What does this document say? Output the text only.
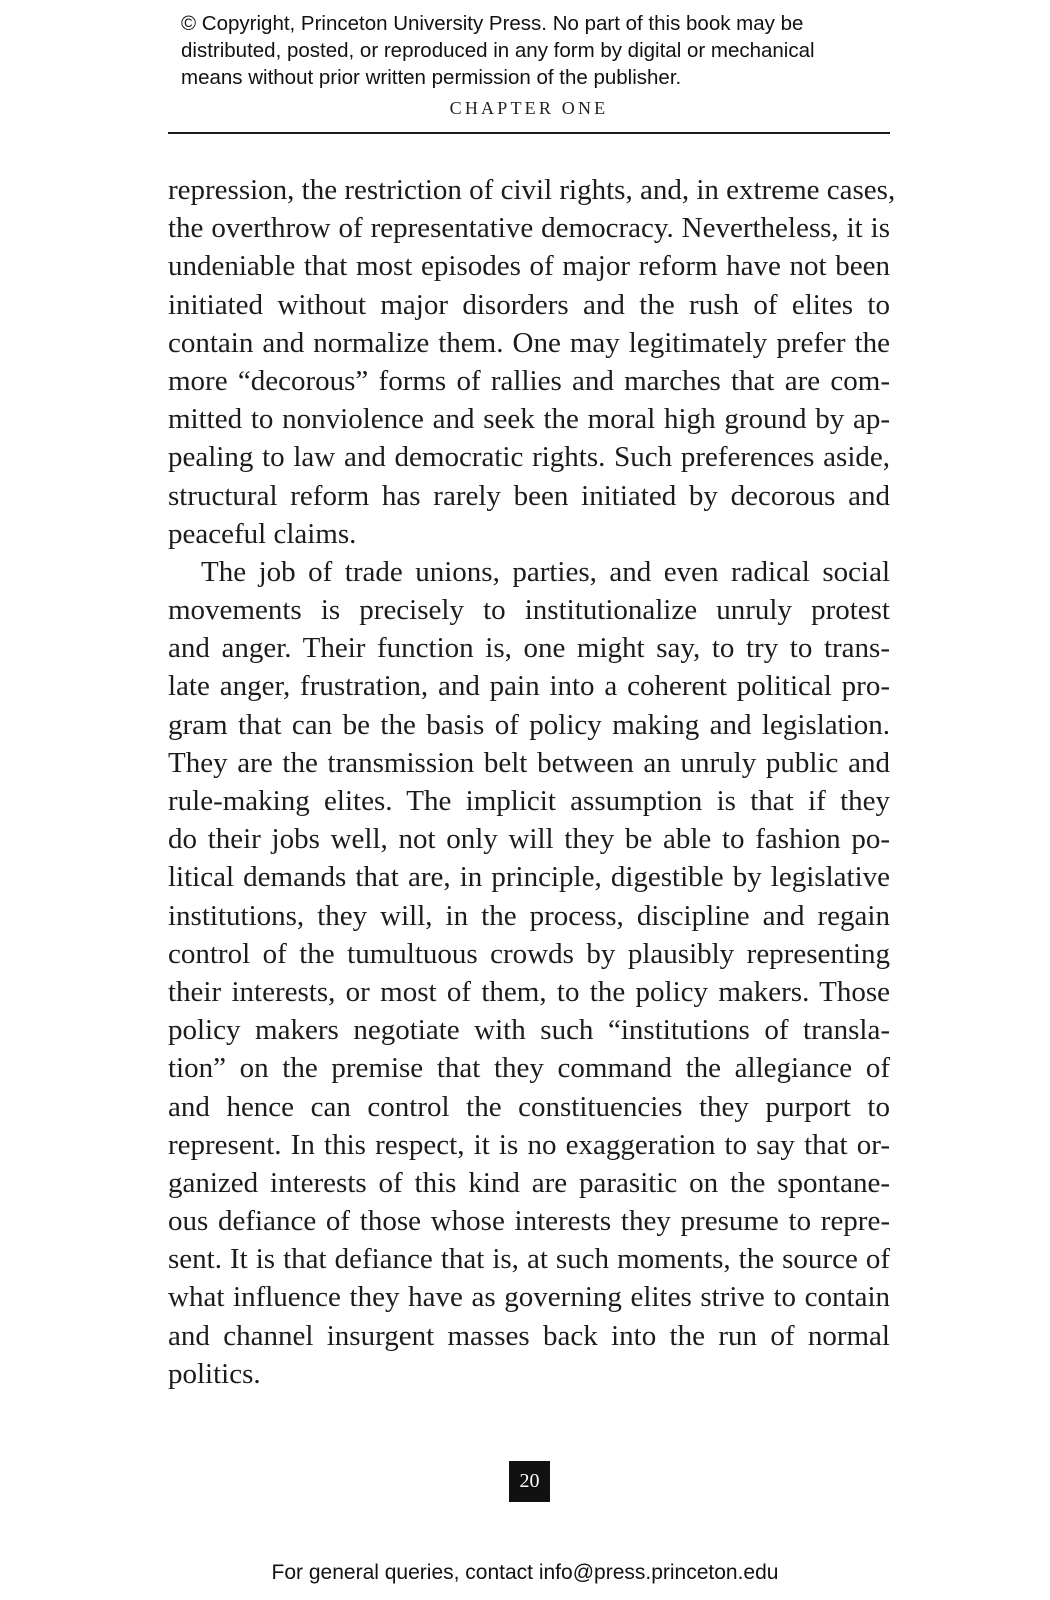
© Copyright, Princeton University Press. No part of this book may be

distributed, posted, or reproduced in any form by digital or mechanical

means without prior written permission of the publisher.

CHAPTER ONE
repression, the restriction of civil rights, and, in extreme cases,
the overthrow of representative democracy. Nevertheless, it is
undeniable that most episodes of major reform have not been
initiated without major disorders and the rush of elites to
contain and normalize them. One may legitimately prefer the
more “decorous” forms of rallies and marches that are com-
mitted to nonviolence and seek the moral high ground by ap-
pealing to law and democratic rights. Such preferences aside,
structural reform has rarely been initiated by decorous and
peaceful claims.
The job of trade unions, parties, and even radical social
movements is precisely to institutionalize unruly protest
and anger. Their function is, one might say, to try to trans-
late anger, frustration, and pain into a coherent political pro-
gram that can be the basis of policy making and legislation.
They are the transmission belt between an unruly public and
rule-making elites. The implicit assumption is that if they
do their jobs well, not only will they be able to fashion po-
litical demands that are, in principle, digestible by legislative
institutions, they will, in the process, discipline and regain
control of the tumultuous crowds by plausibly representing
their interests, or most of them, to the policy makers. Those
policy makers negotiate with such “institutions of transla-
tion” on the premise that they command the allegiance of
and hence can control the constituencies they purport to
represent. In this respect, it is no exaggeration to say that or-
ganized interests of this kind are parasitic on the spontane-
ous defiance of those whose interests they presume to repre-
sent. It is that defiance that is, at such moments, the source of
what influence they have as governing elites strive to contain
and channel insurgent masses back into the run of normal
politics.
20
For general queries, contact info@press.princeton.edu
